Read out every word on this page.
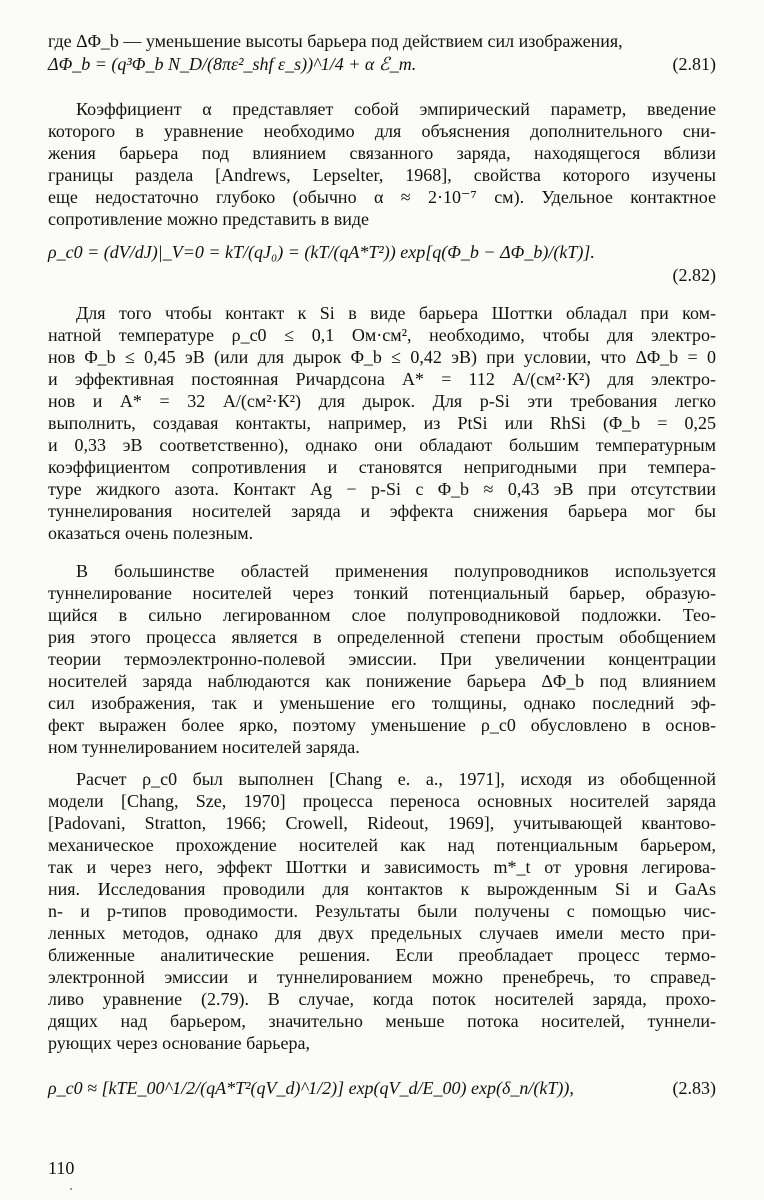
где ΔΦ_b — уменьшение высоты барьера под действием сил изображения,
ΔΦ_b = (q³Φ_b N_D/(8πε²_shf ε_s))^1/4 + α ℰ_m.	(2.81)
Коэффициент α представляет собой эмпирический параметр, введение
которого в уравнение необходимо для объяснения дополнительного сни-
жения барьера под влиянием связанного заряда, находящегося вблизи
границы раздела [Andrews, Lepselter, 1968], свойства которого изучены
еще недостаточно глубоко (обычно α ≈ 2·10⁻⁷ см). Удельное контактное
сопротивление можно представить в виде
ρ_c0 = (dV/dJ)|_V=0 = kT/(qJ₀) = (kT/(qA*T²)) exp[q(Φ_b − ΔΦ_b)/(kT)].
(2.82)
Для того чтобы контакт к Si в виде барьера Шоттки обладал при ком-
натной температуре ρ_c0 ≤ 0,1 Ом·см², необходимо, чтобы для электро-
нов Φ_b ≤ 0,45 эВ (или для дырок Φ_b ≤ 0,42 эВ) при условии, что ΔΦ_b = 0
и эффективная постоянная Ричардсона A* = 112 А/(см²·К²) для электро-
нов и A* = 32 А/(см²·К²) для дырок. Для p-Si эти требования легко
выполнить, создавая контакты, например, из PtSi или RhSi (Φ_b = 0,25
и 0,33 эВ соответственно), однако они обладают большим температурным
коэффициентом сопротивления и становятся непригодными при темпера-
туре жидкого азота. Контакт Ag − p-Si с Φ_b ≈ 0,43 эВ при отсутствии
туннелирования носителей заряда и эффекта снижения барьера мог бы
оказаться очень полезным.
В большинстве областей применения полупроводников используется
туннелирование носителей через тонкий потенциальный барьер, образую-
щийся в сильно легированном слое полупроводниковой подложки. Тео-
рия этого процесса является в определенной степени простым обобщением
теории термоэлектронно-полевой эмиссии. При увеличении концентрации
носителей заряда наблюдаются как понижение барьера ΔΦ_b под влиянием
сил изображения, так и уменьшение его толщины, однако последний эф-
фект выражен более ярко, поэтому уменьшение ρ_c0 обусловлено в основ-
ном туннелированием носителей заряда.
Расчет ρ_c0 был выполнен [Chang e. a., 1971], исходя из обобщенной
модели [Chang, Sze, 1970] процесса переноса основных носителей заряда
[Padovani, Stratton, 1966; Crowell, Rideout, 1969], учитывающей квантово-
механическое прохождение носителей как над потенциальным барьером,
так и через него, эффект Шоттки и зависимость m*_t от уровня легирова-
ния. Исследования проводили для контактов к вырожденным Si и GaAs
n- и p-типов проводимости. Результаты были получены с помощью чис-
ленных методов, однако для двух предельных случаев имели место при-
ближенные аналитические решения. Если преобладает процесс термо-
электронной эмиссии и туннелированием можно пренебречь, то справед-
ливо уравнение (2.79). В случае, когда поток носителей заряда, прохо-
дящих над барьером, значительно меньше потока носителей, туннели-
рующих через основание барьера,
ρ_c0 ≈ [kTE_00^1/2/(qA*T²(qV_d)^1/2)] exp(qV_d/E_00) exp(δ_n/(kT)),	(2.83)
110
